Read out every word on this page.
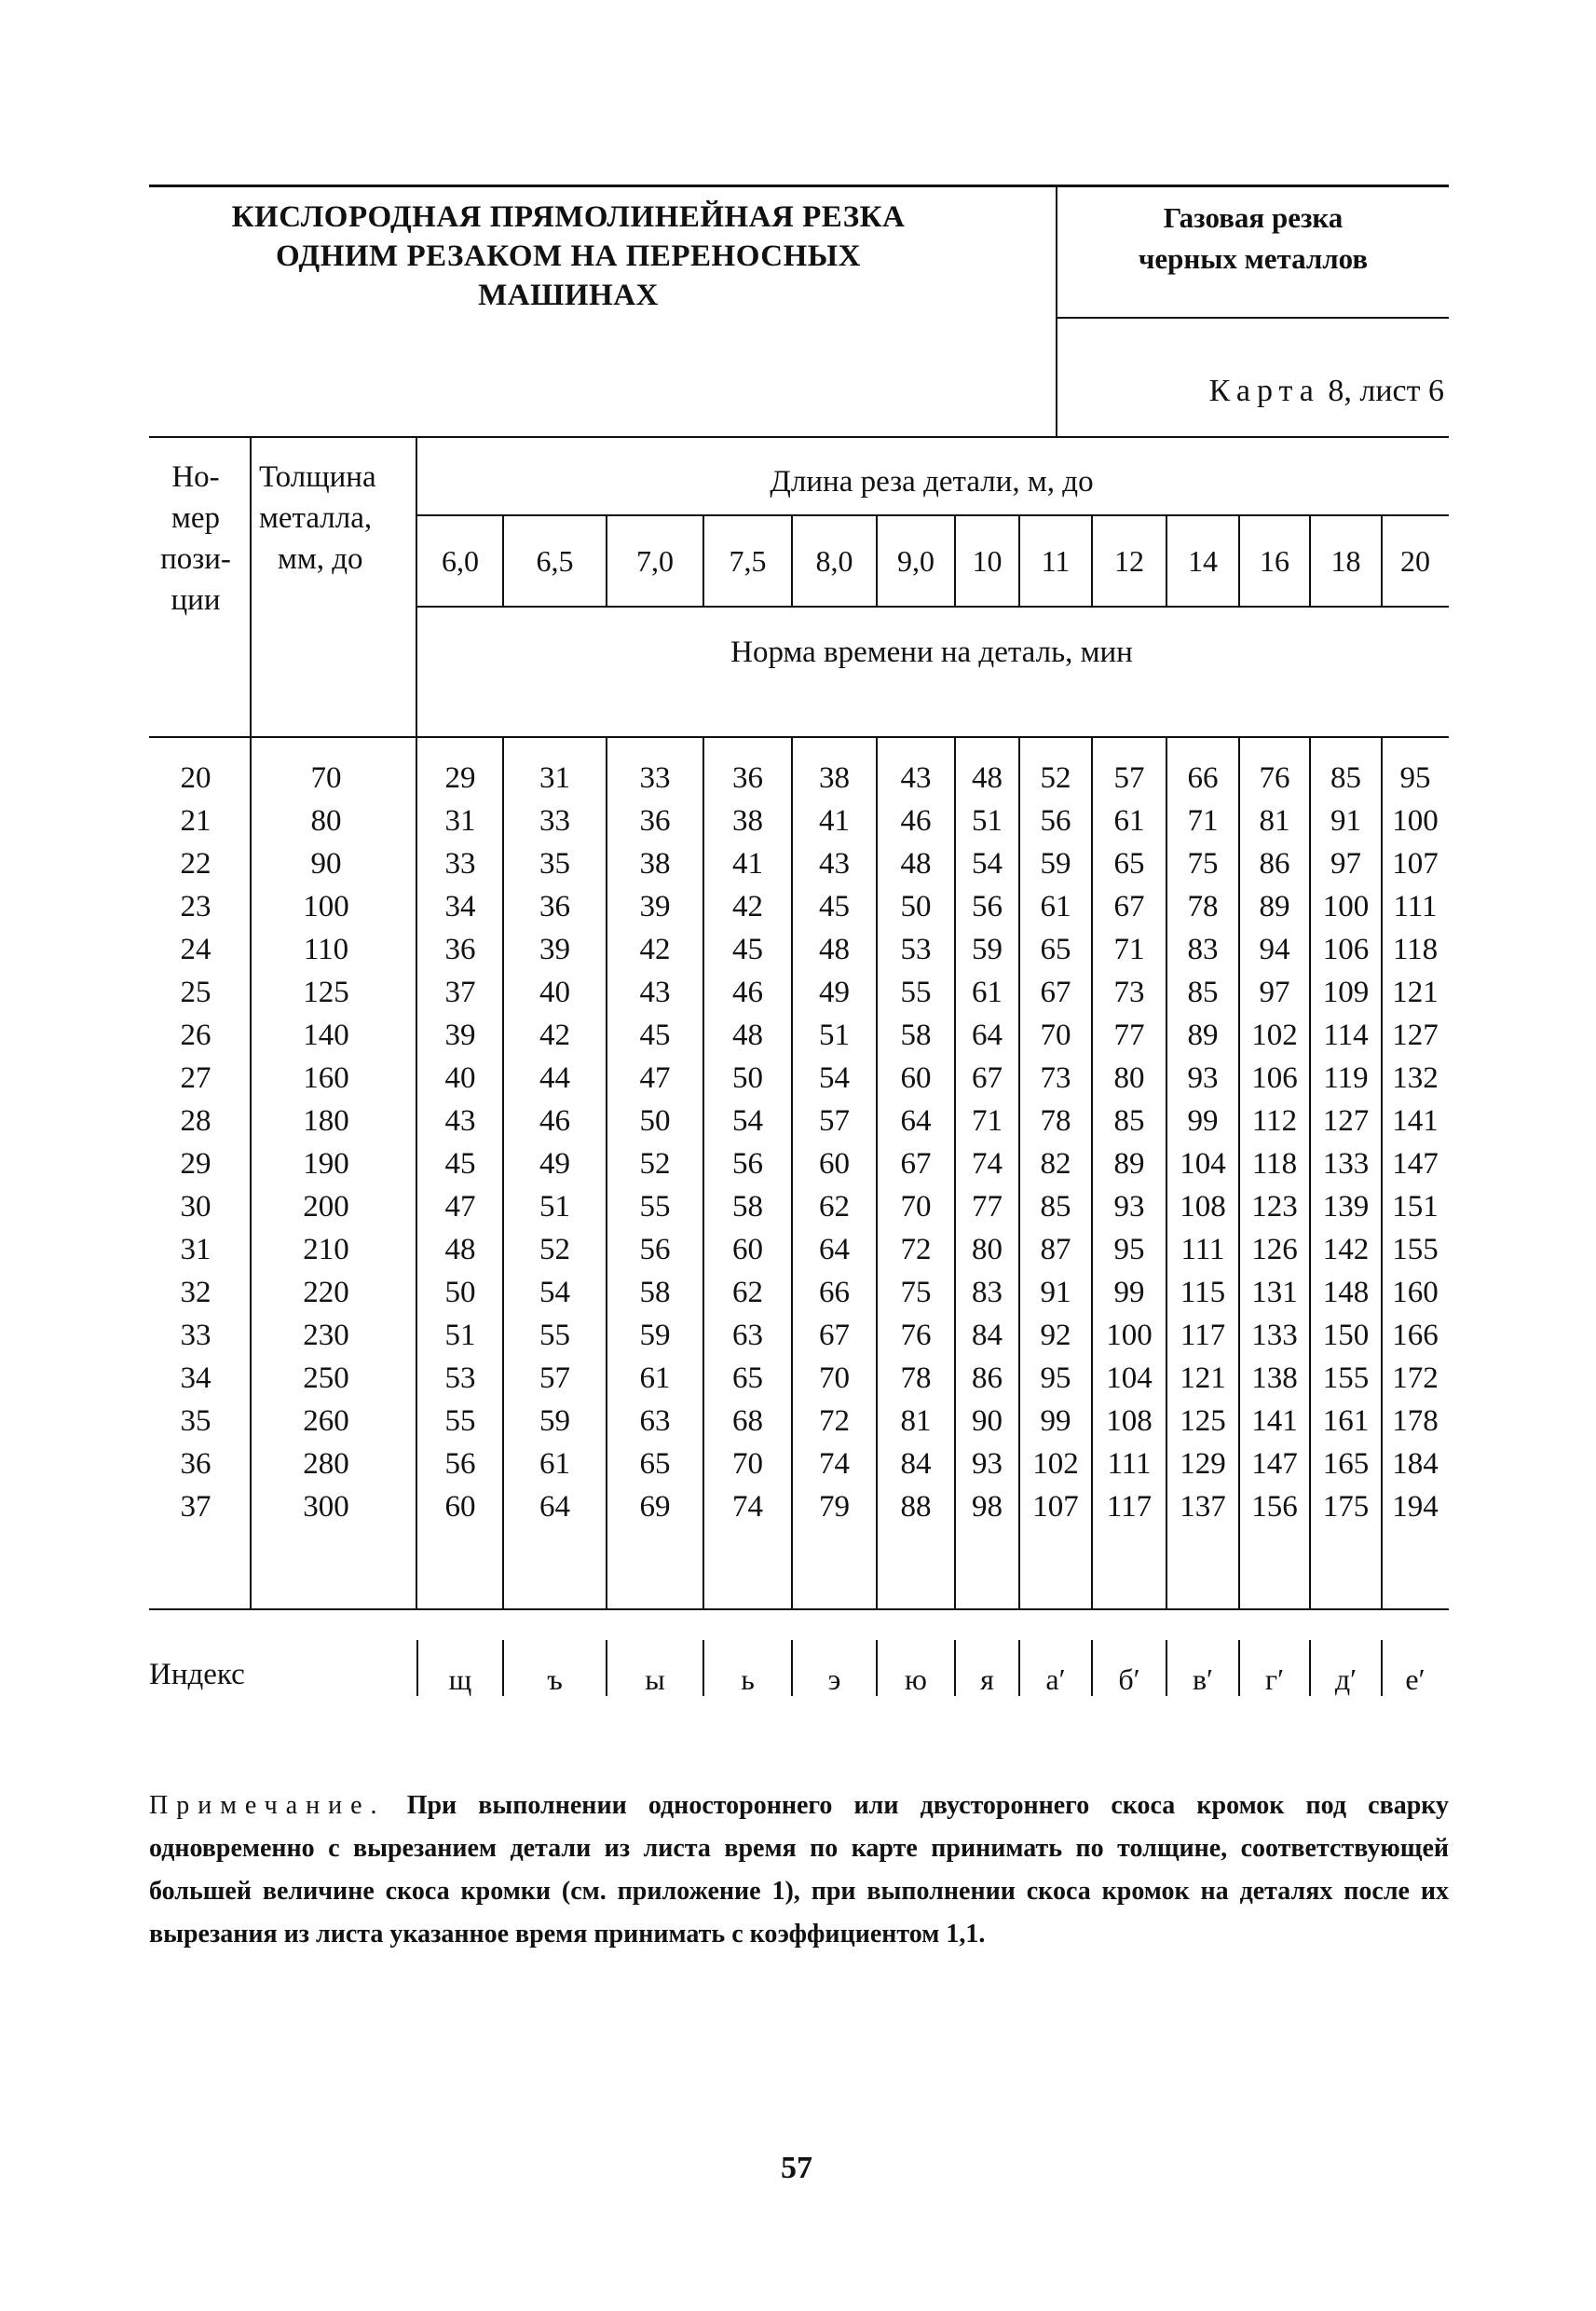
КИСЛОРОДНАЯ ПРЯМОЛИНЕЙНАЯ РЕЗКА
ОДНИМ РЕЗАКОМ НА ПЕРЕНОСНЫХ
МАШИНАХ
Газовая резка
черных металлов
Карта 8, лист 6
Но-
мер
пози-
ции
Толщина
металла,
мм, до
Длина реза детали, м, до
Норма времени на деталь, мин
6,0	6,5	7,0	7,5	8,0	9,0	10	11	12	14	16	18	20
20	70	29	31	33	36	38	43	48	52	57	66	76	85	95
21	80	31	33	36	38	41	46	51	56	61	71	81	91	100
22	90	33	35	38	41	43	48	54	59	65	75	86	97	107
23	100	34	36	39	42	45	50	56	61	67	78	89	100 111
24	110	36	39	42	45	48	53	59	65	71	83	94	106 118
25	125	37	40	43	46	49	55	61	67	73	85	97	109 121
26	140	39	42	45	48	51	58	64	70	77	89	102 114 127
27	160	40	44	47	50	54	60	67	73	80	93	106 119 132
28	180	43	46	50	54	57	64	71	78	85	99	112 127 141
29	190	45	49	52	56	60	67	74	82	89	104 118 133 147
30	200	47	51	55	58	62	70	77	85	93	108 123 139 151
31	210	48	52	56	60	64	72	80	87	95	111 126 142 155
32	220	50	54	58	62	66	75	83	91	99	115 131 148 160
33	230	51	55	59	63	67	76	84	92	100 117 133 150 166
34	250	53	57	61	65	70	78	86	95	104 121 138 155 172
35	260	55	59	63	68	72	81	90	99	108 125 141 161 178
36	280	56	61	65	70	74	84	93 102 111 129 147 165 184
37	300	60	64	69	74	79	88	98 107 117 137 156 175 194
Индекс	щ	ъ	ы	ь	э	ю	я	а′	б′	в′	г′	д′	е′
Примечание. При выполнении одностороннего или двустороннего скоса кромок под сварку одновременно с вырезанием детали из листа время по карте принимать по толщине, соответствующей большей величине скоса кромки (см. приложение 1), при выполнении скоса кромок на деталях после их вырезания из листа указанное время принимать с коэффициентом 1,1.
57
